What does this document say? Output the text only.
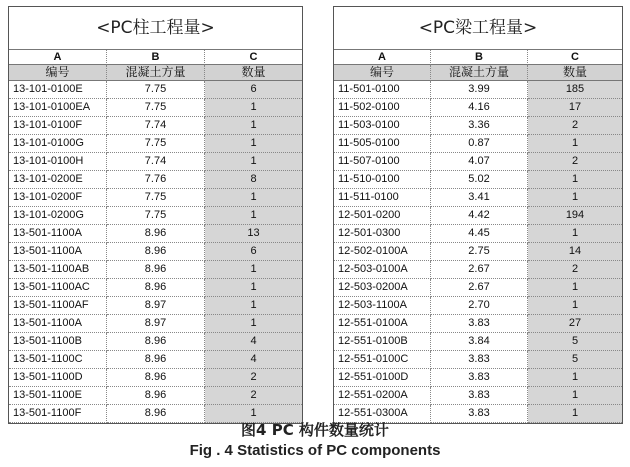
<PC柱工程量>
A	B	C
编号	混凝土方量	数量
13-101-0100E	7.75	6
13-101-0100EA	7.75	1
13-101-0100F	7.74	1
13-101-0100G	7.75	1
13-101-0100H	7.74	1
13-101-0200E	7.76	8
13-101-0200F	7.75	1
13-101-0200G	7.75	1
13-501-1100A	8.96	13
13-501-1100A	8.96	6
13-501-1100AB	8.96	1
13-501-1100AC	8.96	1
13-501-1100AF	8.97	1
13-501-1100A	8.97	1
13-501-1100B	8.96	4
13-501-1100C	8.96	4
13-501-1100D	8.96	2
13-501-1100E	8.96	2
13-501-1100F	8.96	1
<PC梁工程量>
A	B	C
编号	混凝土方量	数量
11-501-0100	3.99	185
11-502-0100	4.16	17
11-503-0100	3.36	2
11-505-0100	0.87	1
11-507-0100	4.07	2
11-510-0100	5.02	1
11-511-0100	3.41	1
12-501-0200	4.42	194
12-501-0300	4.45	1
12-502-0100A	2.75	14
12-503-0100A	2.67	2
12-503-0200A	2.67	1
12-503-1100A	2.70	1
12-551-0100A	3.83	27
12-551-0100B	3.84	5
12-551-0100C	3.83	5
12-551-0100D	3.83	1
12-551-0200A	3.83	1
12-551-0300A	3.83	1
图4 PC 构件数量统计
Fig . 4 Statistics of PC components
